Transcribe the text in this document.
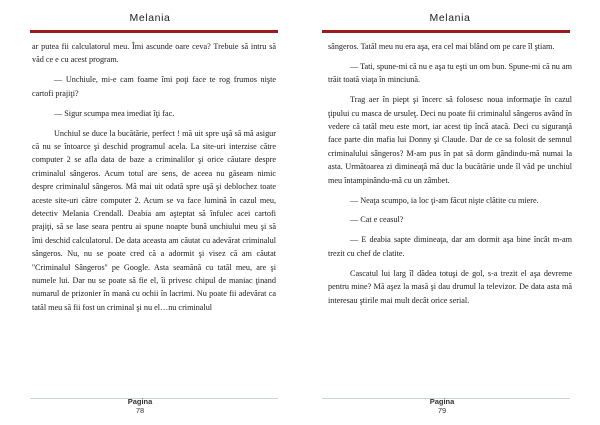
Melania

ar putea fii calculatorul meu. Îmi ascunde oare ceva? Trebuie să intru să văd ce e cu acest program.

— Unchiule, mi-e cam foame îmi poţi face te rog frumos nişte cartofi prajiţi?

— Sigur scumpa mea imediat îţi fac.

Unchiul se duce la bucătărie, perfect ! mă uit spre uşă să mă asigur că nu se întoarce şi deschid programul acela. La site-uri interzise către computer 2 se afla data de baze a criminalilor şi orice căutare despre criminalul sângeros. Acum totul are sens, de aceea nu găseam nimic despre criminalul sângeros. Mă mai uit odată spre uşă şi deblochez toate aceste site-uri către computer 2. Acum se va face lumină în cazul meu, detectiv Melania Crendall. Deabia am aşteptat să înfulec acei cartofi prajiţi, să se lase seara pentru ai spune noapte bună unchiului meu şi să îmi deschid calculatorul. De data aceasta am căutat cu adevărat criminalul sângeros. Nu, nu se poate cred că a adormit şi visez că am căutat ''Criminalul Sângeros'' pe Google. Asta seamănă cu tatăl meu, are şi numele lui. Dar nu se poate să fie el, îi privesc chipul de maniac ţinand numarul de prizonier în mană cu ochii în lacrimi. Nu poate fii adevărat ca tatăl meu să fii fost un criminal şi nu el…nu criminalul

Pagina
78
Melania

sângeros. Tatăl meu nu era aşa, era cel mai blând om pe care îl ştiam.

— Tati, spune-mi că nu e aşa tu eşti un om bun. Spune-mi că nu am trăit toată viaţa în minciună.

Trag aer în piept şi încerc să folosesc noua informaţie în cazul ţipului cu masca de ursuleţ. Deci nu poate fii criminalul sângeros având în vedere că tatăl meu este mort, iar acest tip încă atacă. Deci cu siguranţă face parte din mafia lui Donny şi Claude. Dar de ce sa folosit de semnul criminalului sângeros? M-am pus în pat să dorm gândindu-mă numai la asta. Următoarea zi dimineaţă mă duc la bucătărie unde îl văd pe unchiul meu întampinându-mă cu un zâmbet.

— Neaţa scumpo, ia loc ţi-am făcut nişte clătite cu miere.

— Cat e ceasul?

— E deabia sapte dimineaţa, dar am dormit aşa bine încât m-am trezit cu chef de clatite.

Cascatul lui larg îl dădea totuşi de gol, s-a trezit el aşa devreme pentru mine? Mă aşez la masă şi dau drumul la televizor. De data asta mă interesau ştirile mai mult decât orice serial.

Pagina
79
